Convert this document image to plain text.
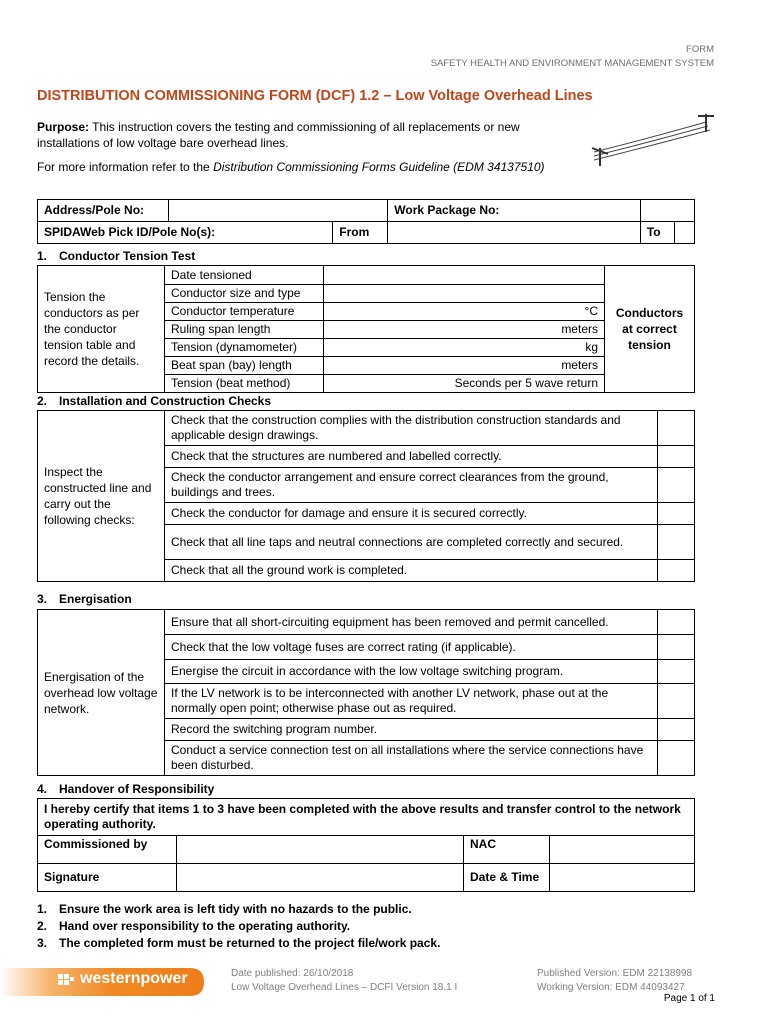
FORM
SAFETY HEALTH AND ENVIRONMENT MANAGEMENT SYSTEM
DISTRIBUTION COMMISSIONING FORM (DCF) 1.2 – Low Voltage Overhead Lines
Purpose: This instruction covers the testing and commissioning of all replacements or new installations of low voltage bare overhead lines.
For more information refer to the Distribution Commissioning Forms Guideline (EDM 34137510)
Address/Pole No:			Work Package No:		
SPIDAWeb Pick ID/Pole No(s):		From		To	
1. Conductor Tension Test
Tension the conductors as per the conductor tension table and record the details.	Date tensioned		Conductors at correct tension
	Conductor size and type		
	Conductor temperature	°C	
	Ruling span length	meters	
	Tension (dynamometer)	kg	
	Beat span (bay) length	meters	
	Tension (beat method)	Seconds per 5 wave return	
2. Installation and Construction Checks
Inspect the constructed line and carry out the following checks:	Check that the construction complies with the distribution construction standards and applicable design drawings.	
	Check that the structures are numbered and labelled correctly.	
	Check the conductor arrangement and ensure correct clearances from the ground, buildings and trees.	
	Check the conductor for damage and ensure it is secured correctly.	
	Check that all line taps and neutral connections are completed correctly and secured.	
	Check that all the ground work is completed.	
3. Energisation
Energisation of the overhead low voltage network.	Ensure that all short-circuiting equipment has been removed and permit cancelled.	
	Check that the low voltage fuses are correct rating (if applicable).	
	Energise the circuit in accordance with the low voltage switching program.	
	If the LV network is to be interconnected with another LV network, phase out at the normally open point; otherwise phase out as required.	
	Record the switching program number.	
	Conduct a service connection test on all installations where the service connections have been disturbed.	
4. Handover of Responsibility
I hereby certify that items 1 to 3 have been completed with the above results and transfer control to the network operating authority.			
Commissioned by		NAC	
Signature		Date & Time	
1. Ensure the work area is left tidy with no hazards to the public.
2. Hand over responsibility to the operating authority.
3. The completed form must be returned to the project file/work pack.
westernpower	Date published: 26/10/2018
Low Voltage Overhead Lines – DCFI Version 18.1 I
Published Version: EDM 22138998
Working Version: EDM 44093427
Page 1 of 1
